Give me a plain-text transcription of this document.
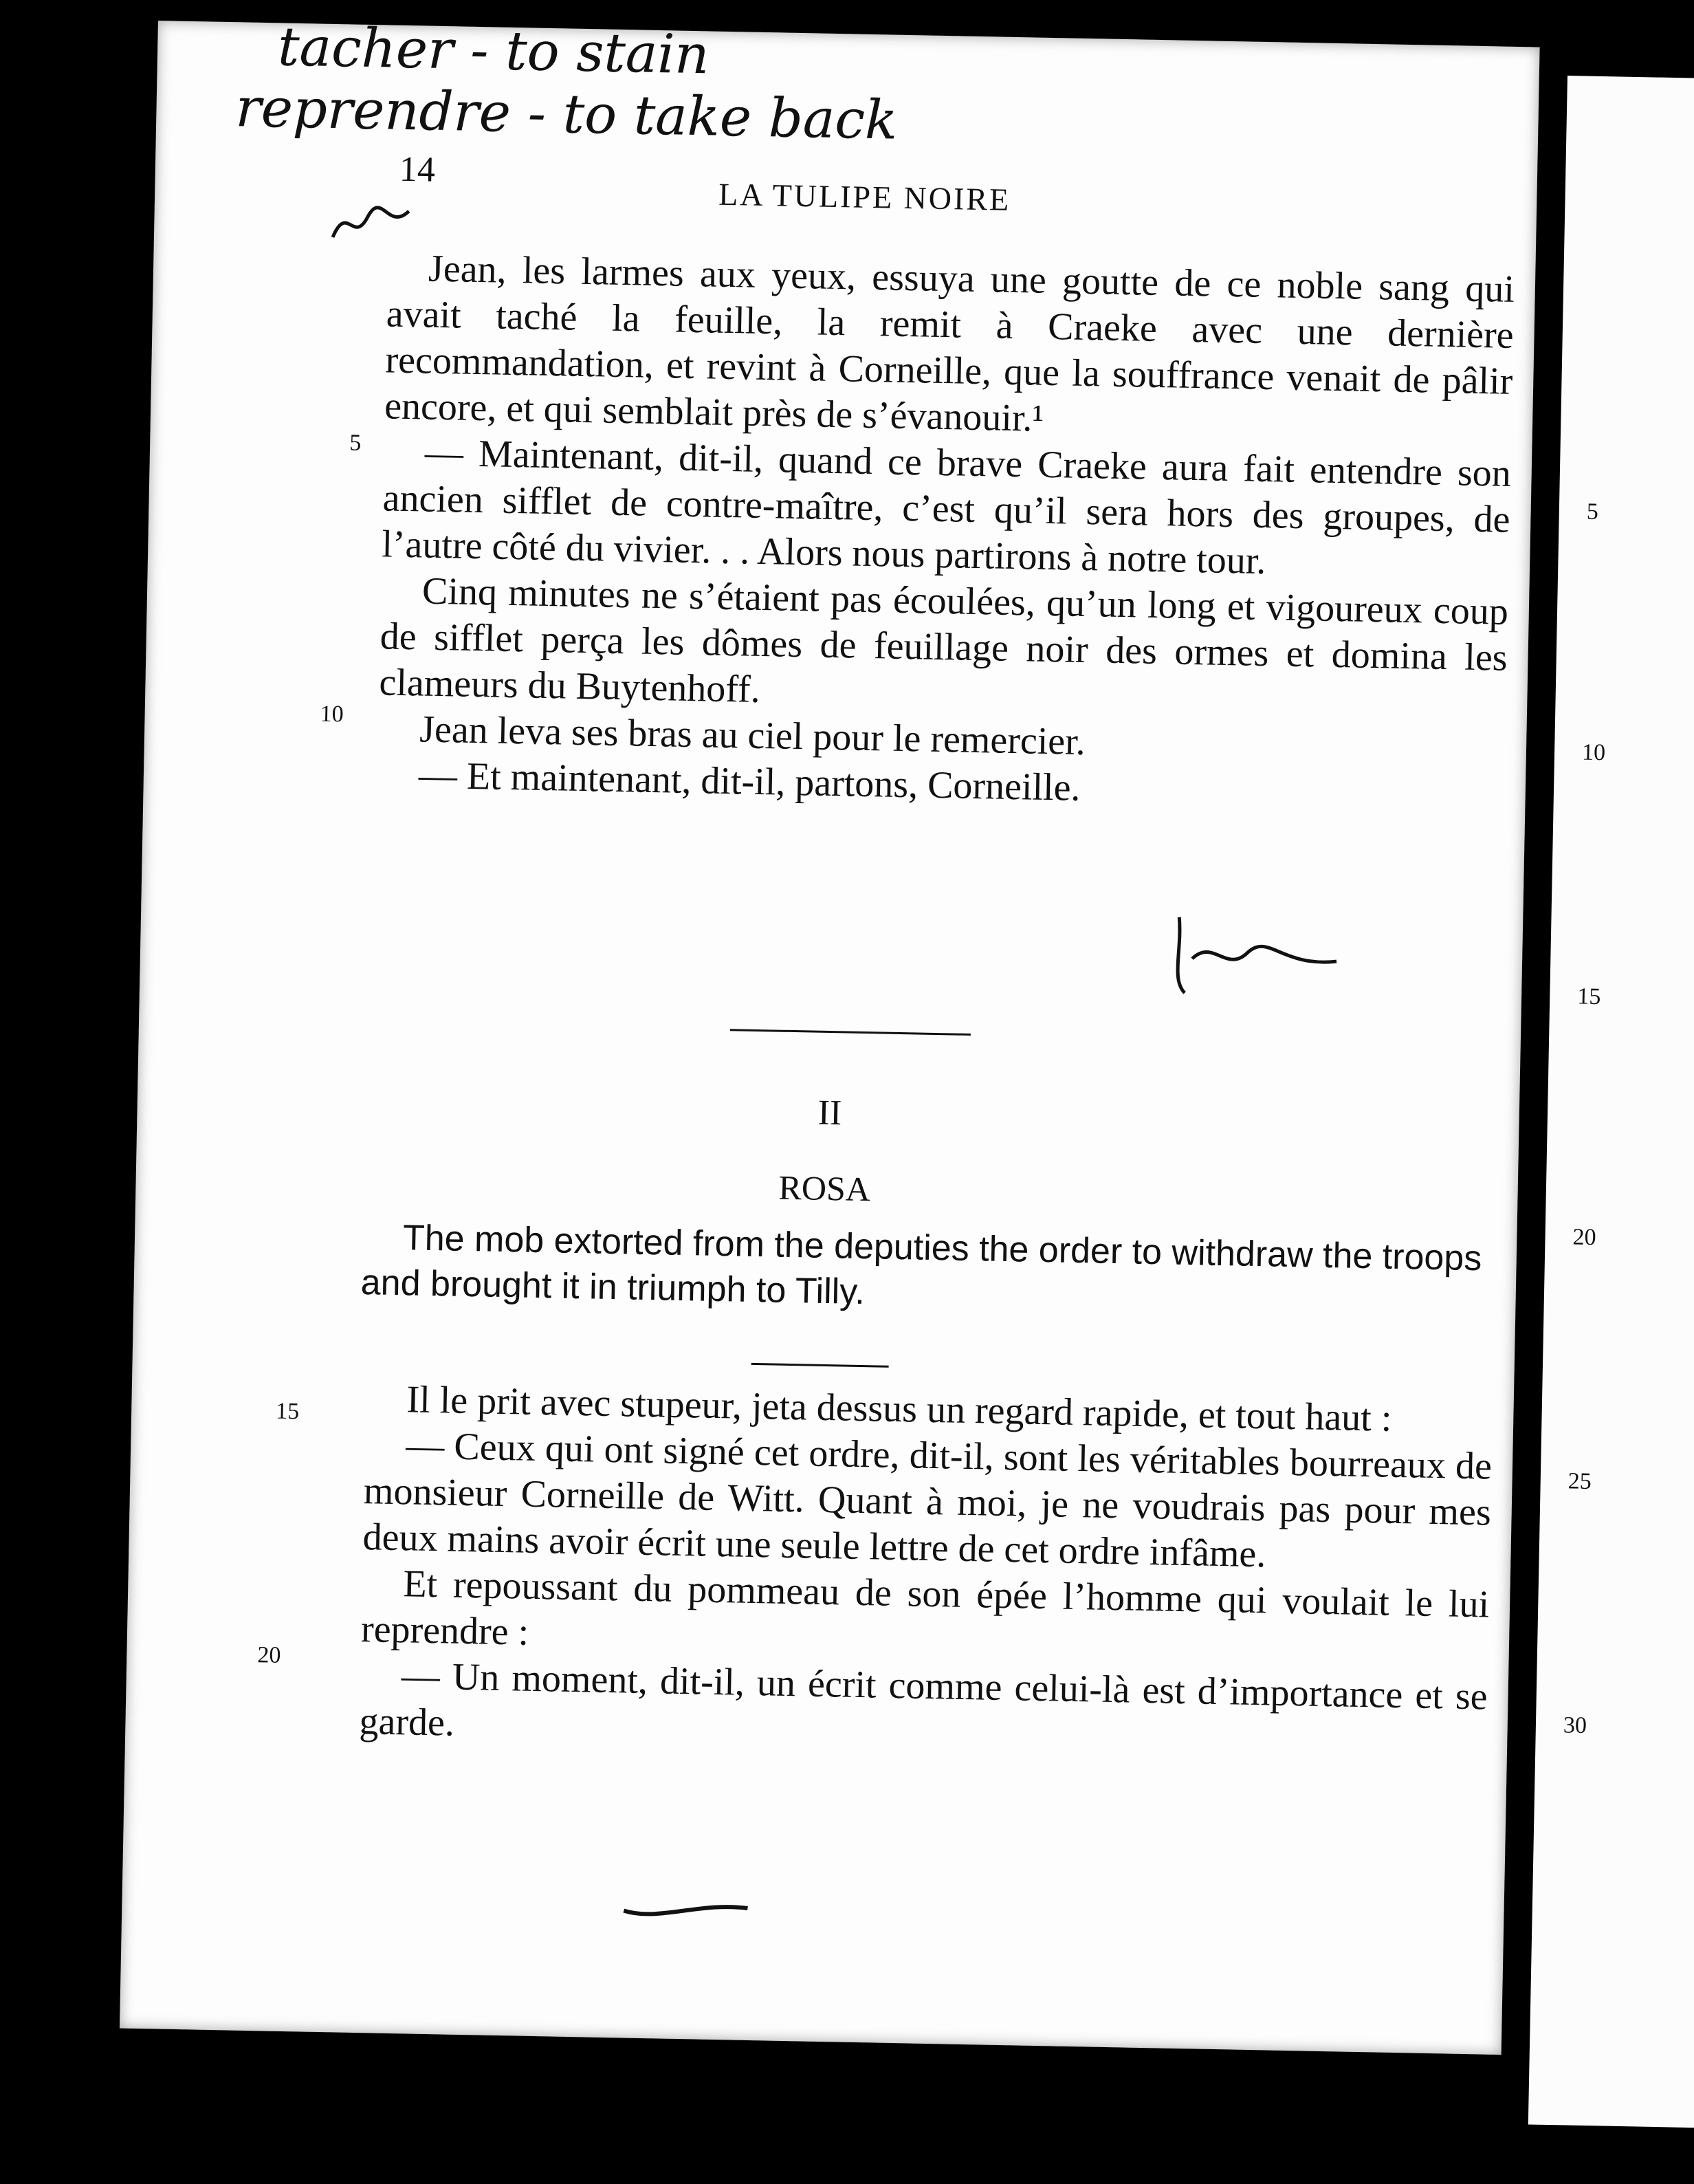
5
10
15
20
25
30
tacher - to stain
reprendre - to take back
14
LA TULIPE NOIRE

Jean, les larmes aux yeux, essuya une goutte de ce noble sang qui avait taché la feuille, la remit à Craeke avec une dernière recommandation, et revint à Corneille, que la souffrance venait de pâlir encore, et qui semblait près de s’évanouir.¹

— Maintenant, dit-il, quand ce brave Craeke aura fait entendre son ancien sifflet de contre-maître, c’est qu’il sera hors des groupes, de l’autre côté du vivier. . . Alors nous partirons à notre tour.

Cinq minutes ne s’étaient pas écoulées, qu’un long et vigoureux coup de sifflet perça les dômes de feuillage noir des ormes et domina les clameurs du Buytenhoff.

Jean leva ses bras au ciel pour le remercier.

— Et maintenant, dit-il, partons, Corneille.

5
10
II
ROSA

The mob extorted from the deputies the order to withdraw the troops and brought it in triumph to Tilly.

Il le prit avec stupeur, jeta dessus un regard rapide, et tout haut :

— Ceux qui ont signé cet ordre, dit-il, sont les véritables bourreaux de monsieur Corneille de Witt. Quant à moi, je ne voudrais pas pour mes deux mains avoir écrit une seule lettre de cet ordre infâme.

Et repoussant du pommeau de son épée l’homme qui voulait le lui reprendre :

— Un moment, dit-il, un écrit comme celui-là est d’importance et se garde.

15
20
